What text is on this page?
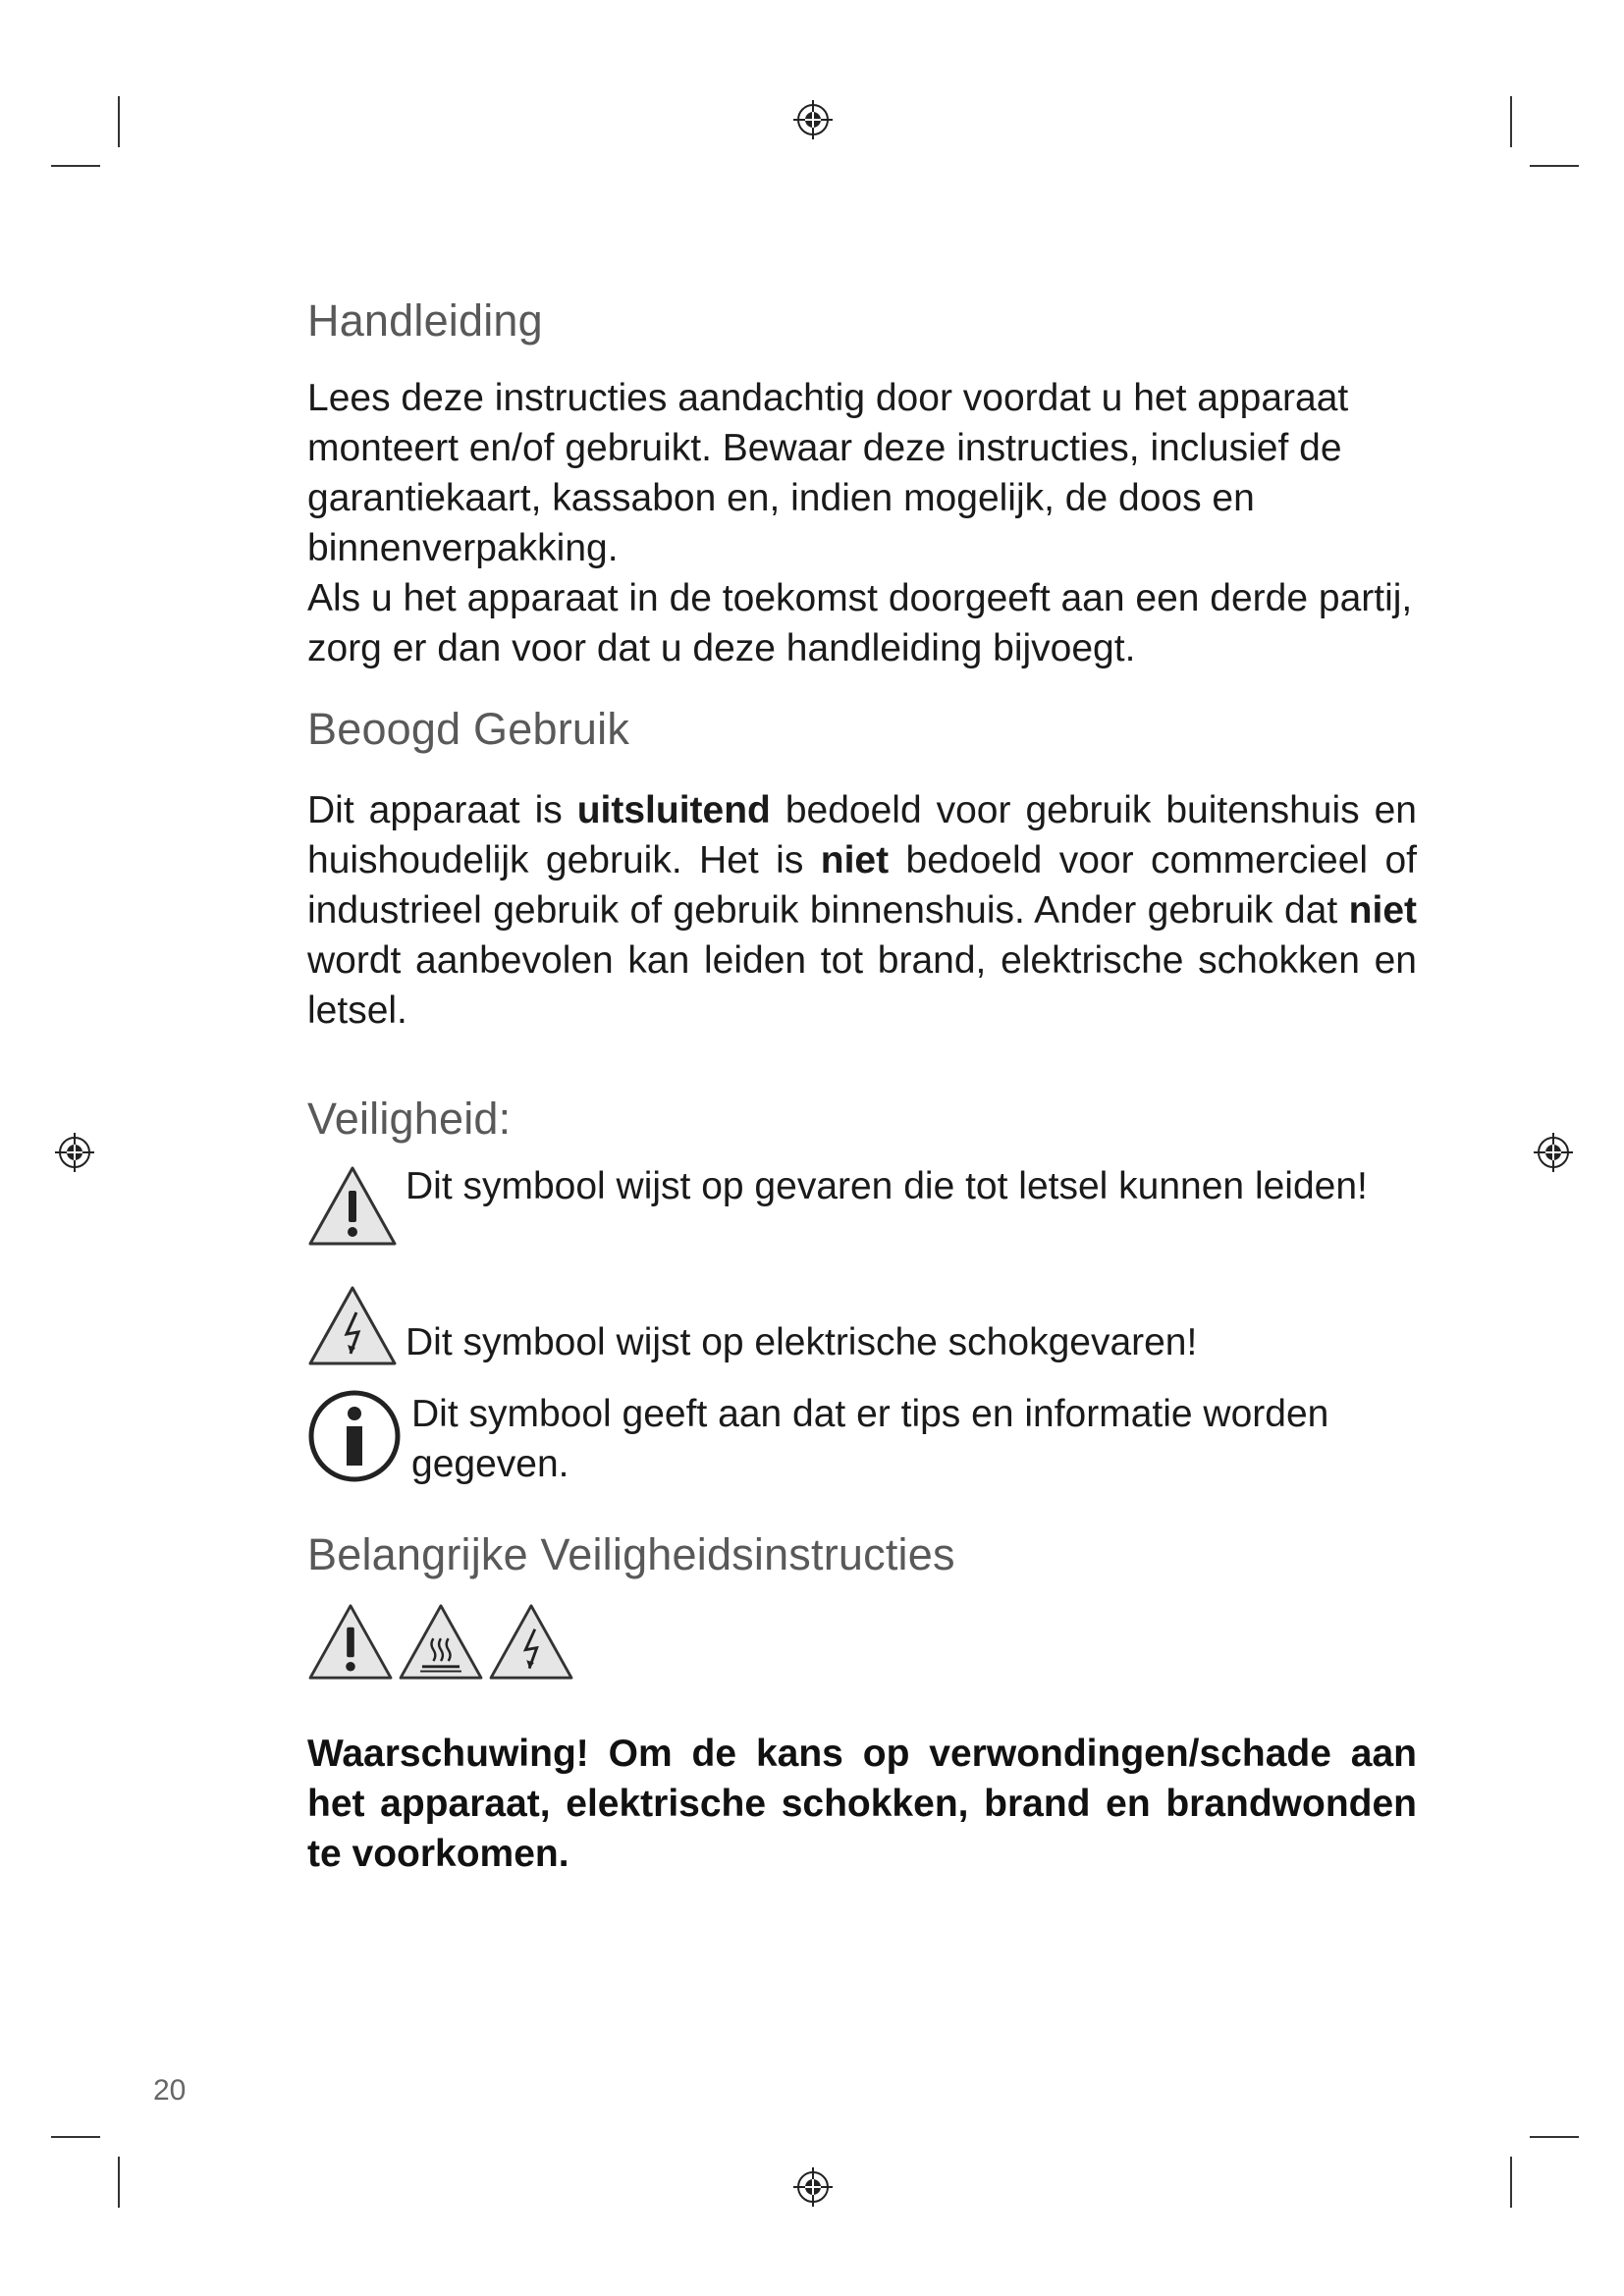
Handleiding

Lees deze instructies aandachtig door voordat u het apparaat monteert en/of gebruikt. Bewaar deze instructies, inclusief de garantiekaart, kassabon en, indien mogelijk, de doos en binnenverpakking.

Als u het apparaat in de toekomst doorgeeft aan een derde partij, zorg er dan voor dat u deze handleiding bijvoegt.

Beoogd Gebruik

Dit apparaat is uitsluitend bedoeld voor gebruik buitenshuis en huishoudelijk gebruik. Het is niet bedoeld voor commercieel of industrieel gebruik of gebruik binnenshuis. Ander gebruik dat niet wordt aanbevolen kan leiden tot brand, elektrische schokken en letsel.

Veiligheid:

Dit symbool wijst op gevaren die tot letsel kunnen leiden!

Dit symbool wijst op elektrische schokgevaren!

Dit symbool geeft aan dat er tips en informatie worden gegeven.

Belangrijke Veiligheidsinstructies

Waarschuwing! Om de kans op verwondingen/schade aan het apparaat, elektrische schokken, brand en brandwonden te voorkomen.

20
